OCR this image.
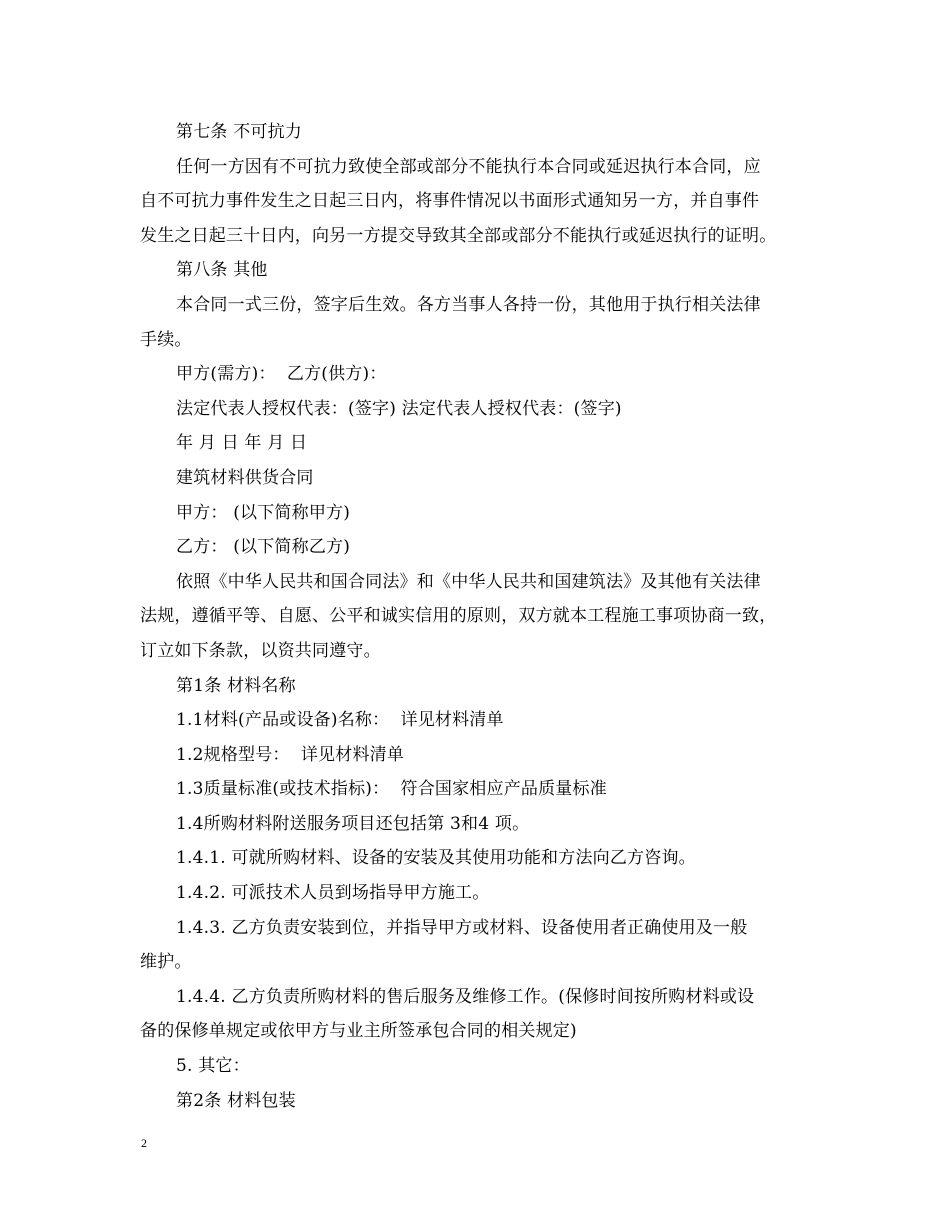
第七条 不可抗力
任何一方因有不可抗力致使全部或部分不能执行本合同或延迟执行本合同，应
自不可抗力事件发生之日起三日内，将事件情况以书面形式通知另一方，并自事件
发生之日起三十日内，向另一方提交导致其全部或部分不能执行或延迟执行的证明。
第八条 其他
本合同一式三份，签字后生效。各方当事人各持一份，其他用于执行相关法律
手续。
甲方(需方)：  乙方(供方)：
法定代表人授权代表：(签字) 法定代表人授权代表：(签字)
年 月 日 年 月 日
建筑材料供货合同
甲方： (以下简称甲方)
乙方： (以下简称乙方)
依照《中华人民共和国合同法》和《中华人民共和国建筑法》及其他有关法律
法规，遵循平等、自愿、公平和诚实信用的原则，双方就本工程施工事项协商一致，
订立如下条款，以资共同遵守。
第1条 材料名称
1.1材料(产品或设备)名称：  详见材料清单
1.2规格型号：  详见材料清单
1.3质量标准(或技术指标)：  符合国家相应产品质量标准
1.4所购材料附送服务项目还包括第 3和4 项。
1.4.1. 可就所购材料、设备的安装及其使用功能和方法向乙方咨询。
1.4.2. 可派技术人员到场指导甲方施工。
1.4.3. 乙方负责安装到位，并指导甲方或材料、设备使用者正确使用及一般
维护。
1.4.4. 乙方负责所购材料的售后服务及维修工作。(保修时间按所购材料或设
备的保修单规定或依甲方与业主所签承包合同的相关规定)
5. 其它：
第2条 材料包装
2
